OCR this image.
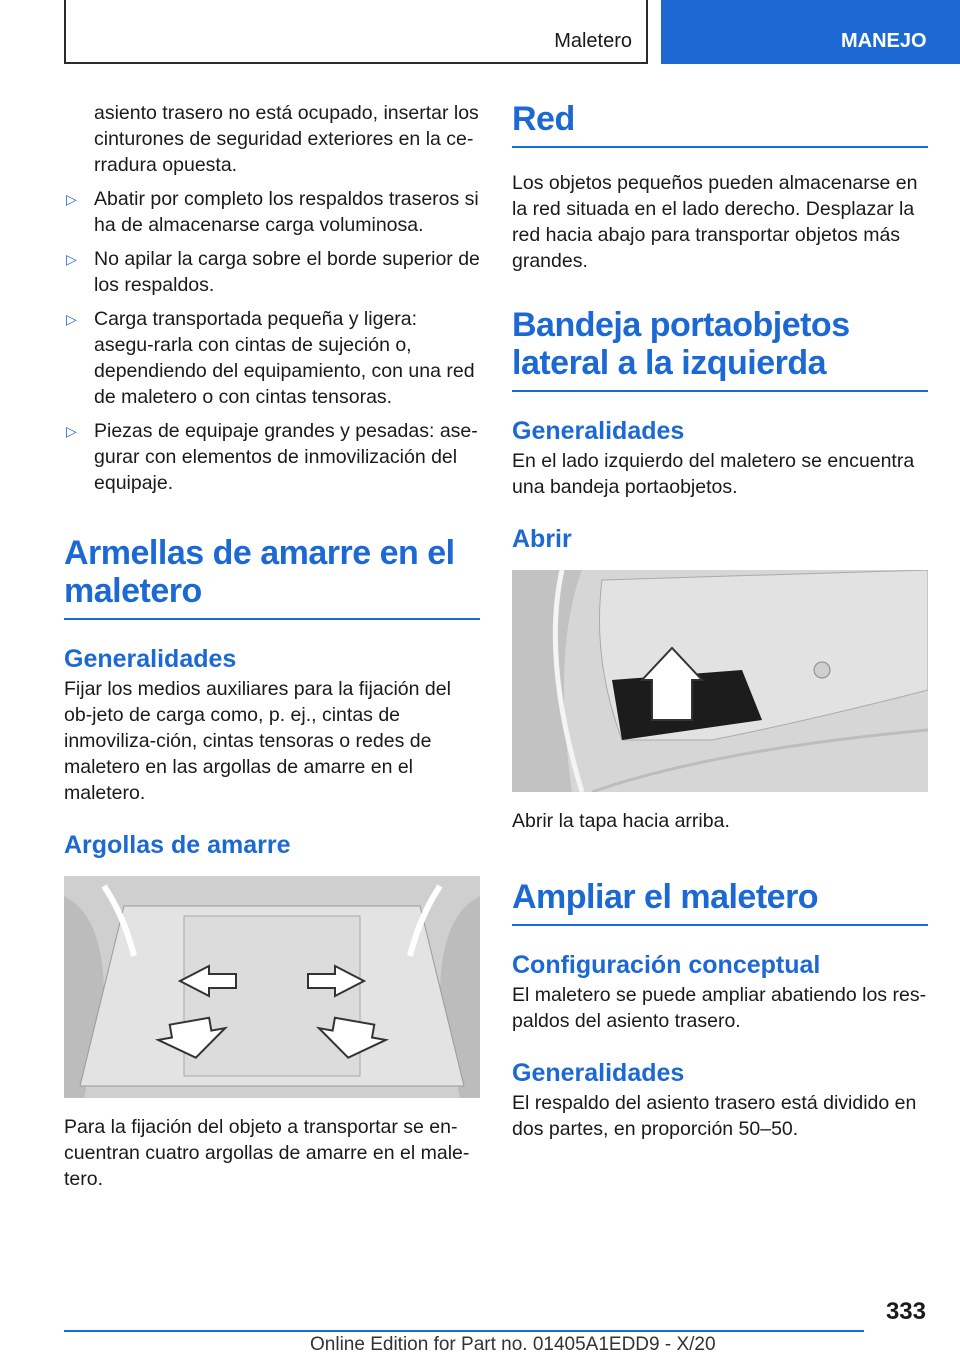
Maletero	MANEJO

asiento trasero no está ocupado, insertar los cinturones de seguridad exteriores en la ce-rradura opuesta.

▷ Abatir por completo los respaldos traseros si ha de almacenarse carga voluminosa.
▷ No apilar la carga sobre el borde superior de los respaldos.
▷ Carga transportada pequeña y ligera: asegu-rarla con cintas de sujeción o, dependiendo del equipamiento, con una red de maletero o con cintas tensoras.
▷ Piezas de equipaje grandes y pesadas: ase-gurar con elementos de inmovilización del equipaje.
Armellas de amarre en el maletero
Generalidades

Fijar los medios auxiliares para la fijación del ob-jeto de carga como, p. ej., cintas de inmoviliza-ción, cintas tensoras o redes de maletero en las argollas de amarre en el maletero.

Argollas de amarre

Para la fijación del objeto a transportar se en-cuentran cuatro argollas de amarre en el male-tero.

Red

Los objetos pequeños pueden almacenarse en la red situada en el lado derecho. Desplazar la red hacia abajo para transportar objetos más grandes.

Bandeja portaobjetos lateral a la izquierda
Generalidades

En el lado izquierdo del maletero se encuentra una bandeja portaobjetos.

Abrir

Abrir la tapa hacia arriba.

Ampliar el maletero
Configuración conceptual

El maletero se puede ampliar abatiendo los res-paldos del asiento trasero.

Generalidades

El respaldo del asiento trasero está dividido en dos partes, en proporción 50–50.

333
Online Edition for Part no. 01405A1EDD9 - X/20
